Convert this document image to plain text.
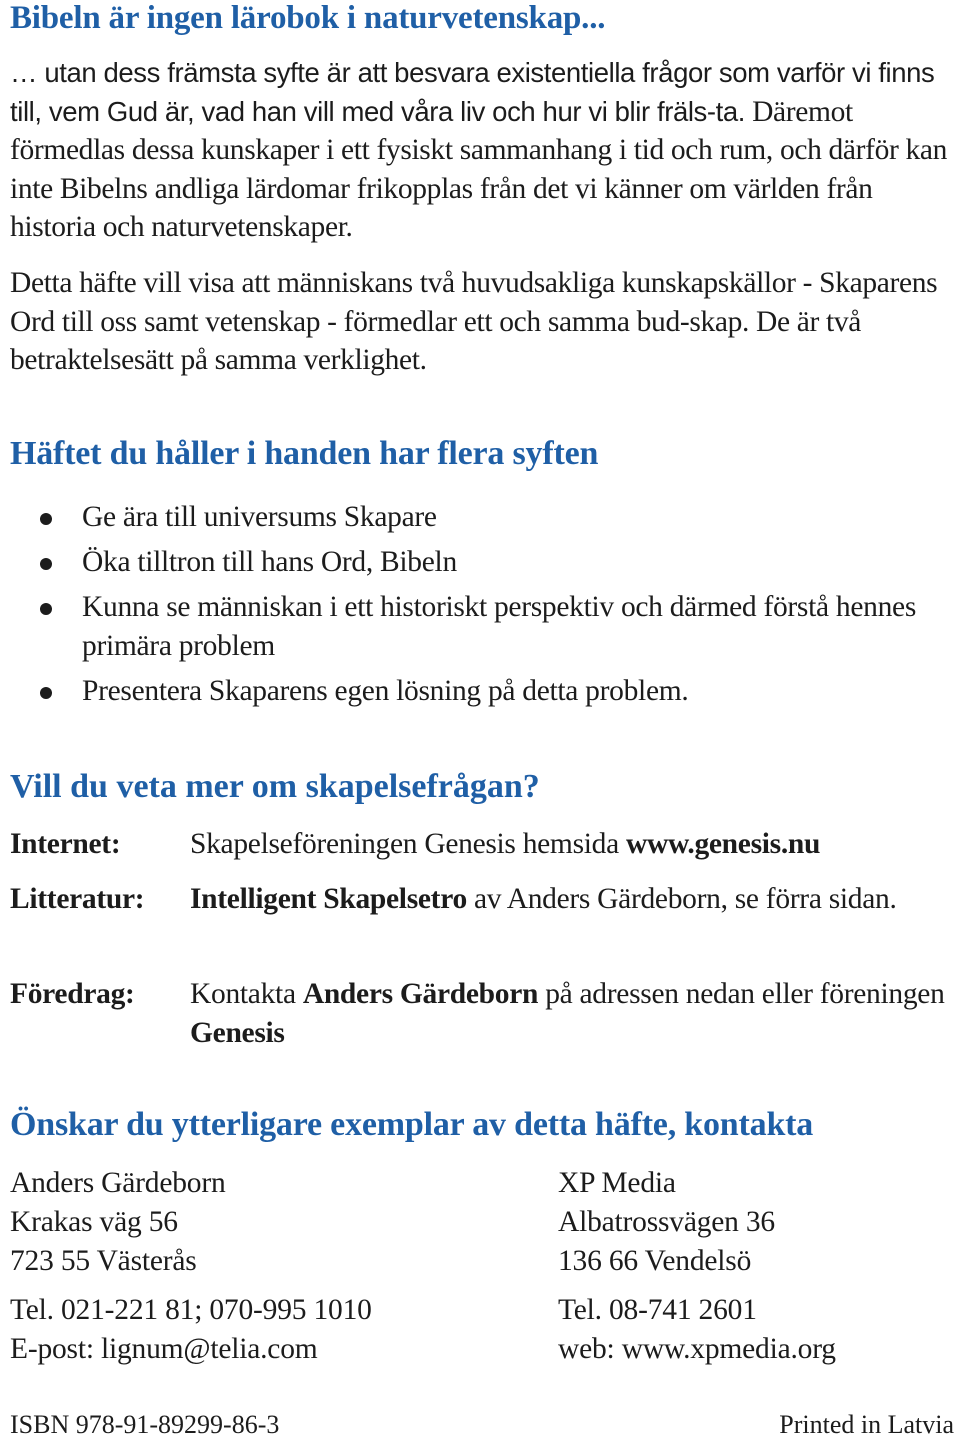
Bibeln är ingen lärobok i naturvetenskap...

… utan dess främsta syfte är att besvara existentiella frågor som varför vi finns till, vem Gud är, vad han vill med våra liv och hur vi blir fräls-ta. Däremot förmedlas dessa kunskaper i ett fysiskt sammanhang i tid och rum, och därför kan inte Bibelns andliga lärdomar frikopplas från det vi känner om världen från historia och naturvetenskaper.

Detta häfte vill visa att människans två huvudsakliga kunskapskällor - Skaparens Ord till oss samt vetenskap - förmedlar ett och samma bud-skap. De är två betraktelsesätt på samma verklighet.

Häftet du håller i handen har flera syften
Ge ära till universums Skapare
Öka tilltron till hans Ord, Bibeln
Kunna se människan i ett historiskt perspektiv och därmed förstå hennes primära problem
Presentera Skaparens egen lösning på detta problem.
Vill du veta mer om skapelsefrågan?
Internet: Skapelseföreningen Genesis hemsida www.genesis.nu
Litteratur: Intelligent Skapelsetro av Anders Gärdeborn, se förra sidan.
Föredrag: Kontakta Anders Gärdeborn på adressen nedan eller föreningen Genesis
Önskar du ytterligare exemplar av detta häfte, kontakta
Anders Gärdeborn
Krakas väg 56
723 55 Västerås
Tel. 021-221 81; 070-995 1010
E-post: lignum@telia.com
XP Media
Albatrossvägen 36
136 66 Vendelsö
Tel. 08-741 2601
web: www.xpmedia.org
ISBN 978-91-89299-86-3	Printed in Latvia
